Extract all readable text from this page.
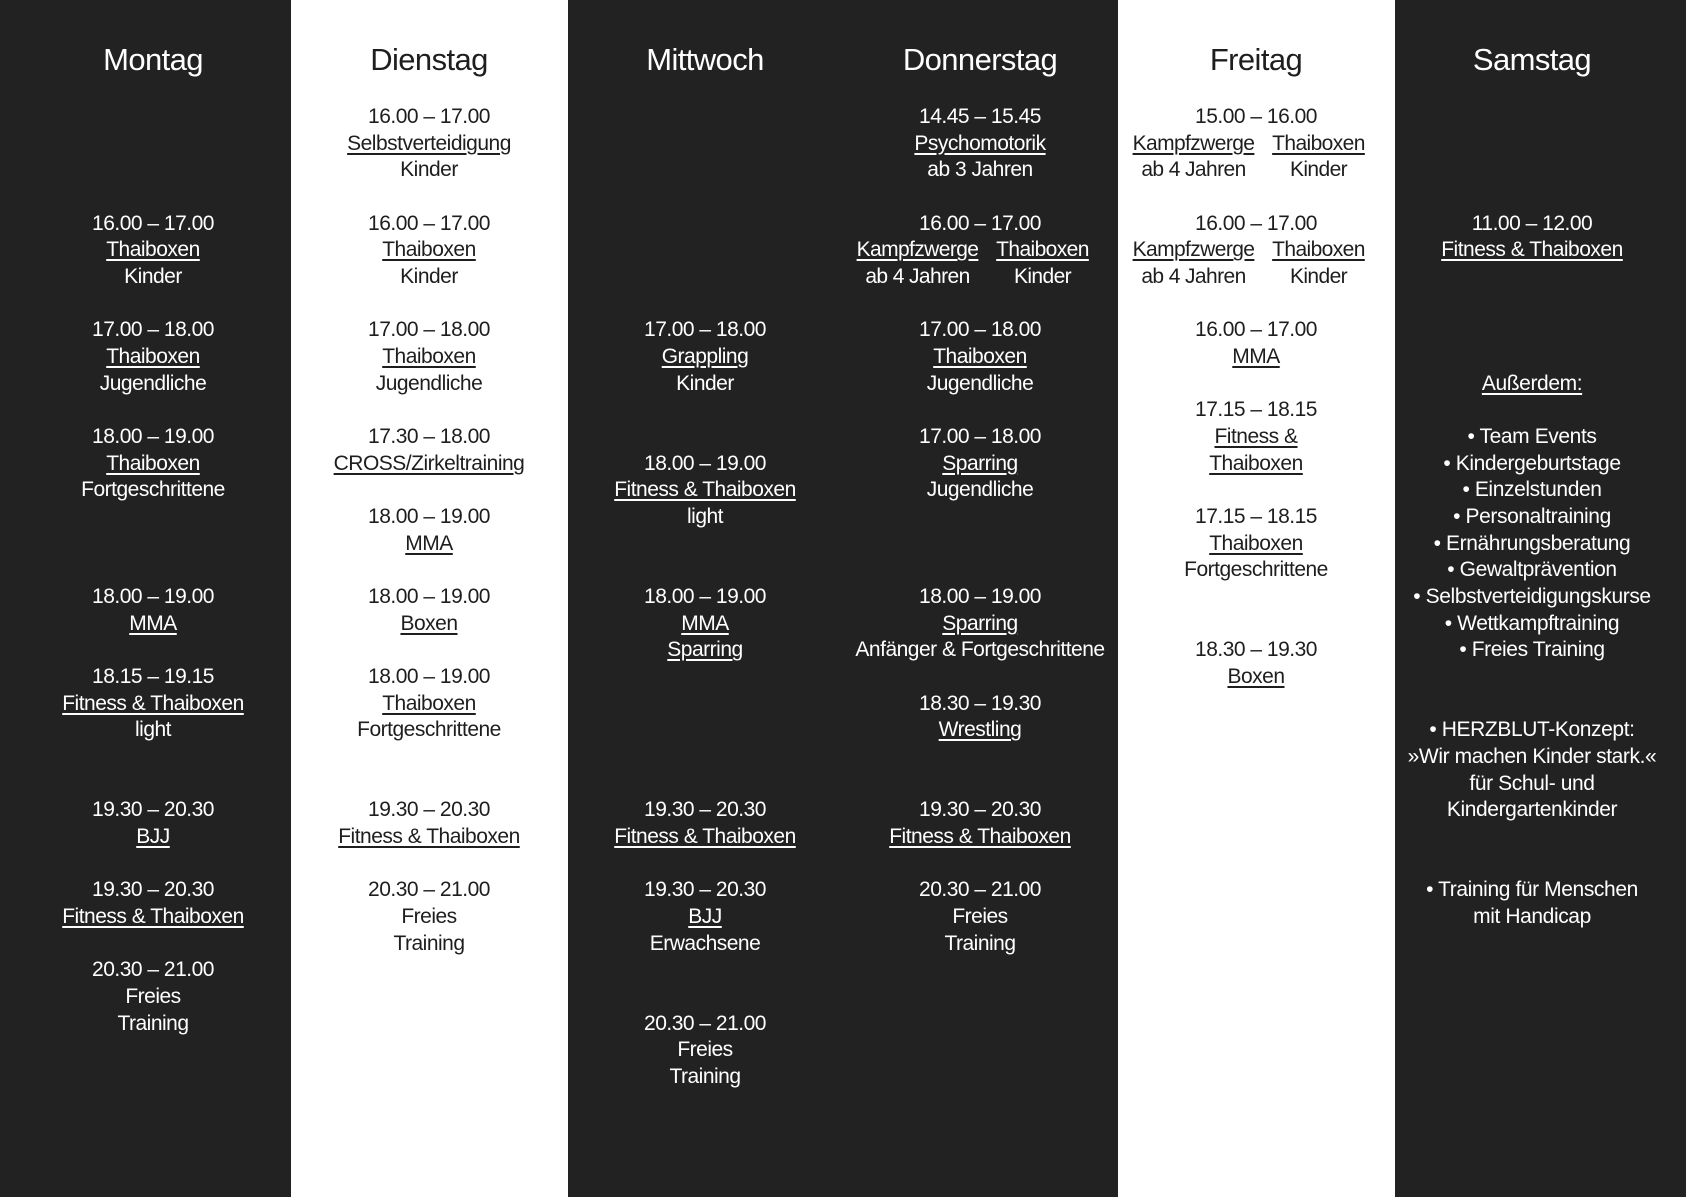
Montag
16.00 – 17.00
Thaiboxen
Kinder
17.00 – 18.00
Thaiboxen
Jugendliche
18.00 – 19.00
Thaiboxen
Fortgeschrittene
18.00 – 19.00
MMA
18.15 – 19.15
Fitness & Thaiboxen
light
19.30 – 20.30
BJJ
19.30 – 20.30
Fitness & Thaiboxen
20.30 – 21.00
Freies
Training
Dienstag
16.00 – 17.00
Selbstverteidigung
Kinder
16.00 – 17.00
Thaiboxen
Kinder
17.00 – 18.00
Thaiboxen
Jugendliche
17.30 – 18.00
CROSS/Zirkeltraining
18.00 – 19.00
MMA
18.00 – 19.00
Boxen
18.00 – 19.00
Thaiboxen
Fortgeschrittene
19.30 – 20.30
Fitness & Thaiboxen
20.30 – 21.00
Freies
Training
Mittwoch
17.00 – 18.00
Grappling
Kinder
18.00 – 19.00
Fitness & Thaiboxen
light
18.00 – 19.00
MMA
Sparring
19.30 – 20.30
Fitness & Thaiboxen
19.30 – 20.30
BJJ
Erwachsene
20.30 – 21.00
Freies
Training
Donnerstag
14.45 – 15.45
Psychomotorik
ab 3 Jahren
16.00 – 17.00
Kampfzwerge
ab 4 Jahren
Thaiboxen
Kinder
17.00 – 18.00
Thaiboxen
Jugendliche
17.00 – 18.00
Sparring
Jugendliche
18.00 – 19.00
Sparring
Anfänger & Fortgeschrittene
18.30 – 19.30
Wrestling
19.30 – 20.30
Fitness & Thaiboxen
20.30 – 21.00
Freies
Training
Freitag
15.00 – 16.00
Kampfzwerge
ab 4 Jahren
Thaiboxen
Kinder
16.00 – 17.00
Kampfzwerge
ab 4 Jahren
Thaiboxen
Kinder
16.00 – 17.00
MMA
17.15 – 18.15
Fitness &
Thaiboxen
17.15 – 18.15
Thaiboxen
Fortgeschrittene
18.30 – 19.30
Boxen
Samstag
11.00 – 12.00
Fitness & Thaiboxen
Außerdem:
• Team Events
• Kindergeburtstage
• Einzelstunden
• Personaltraining
• Ernährungsberatung
• Gewaltprävention
• Selbstverteidigungskurse
• Wettkampftraining
• Freies Training
• HERZBLUT-Konzept:
»Wir machen Kinder stark.«
für Schul- und
Kindergartenkinder
• Training für Menschen
mit Handicap
